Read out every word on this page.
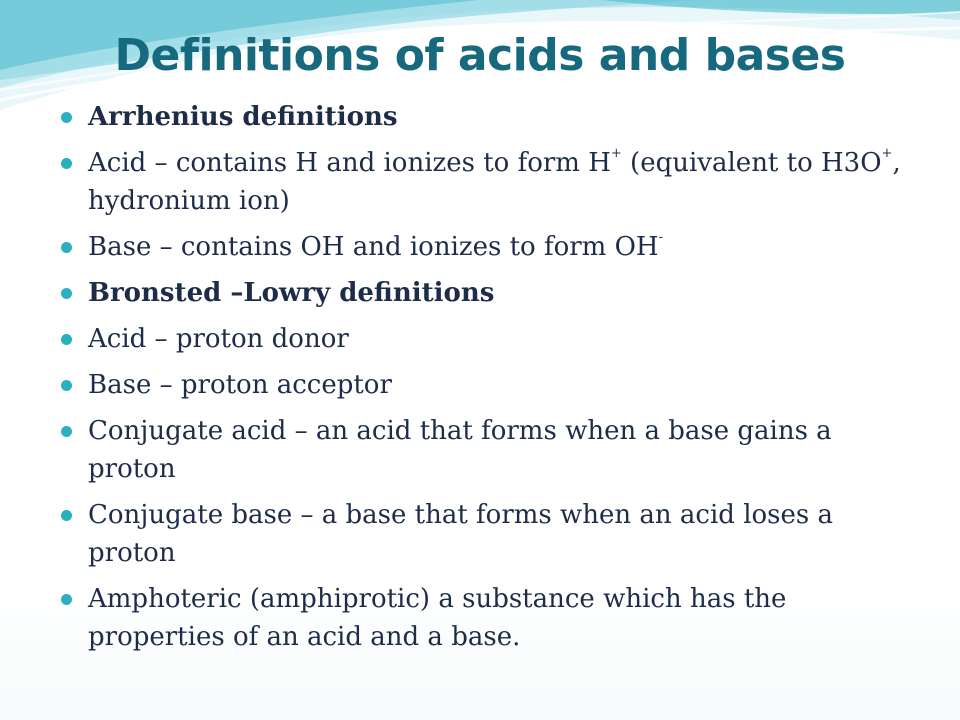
Definitions of acids and bases
Arrhenius definitions
Acid – contains H and ionizes to form H+ (equivalent to H3O+, hydronium ion)
Base – contains OH and ionizes to form OH-
Bronsted –Lowry definitions
Acid – proton donor
Base – proton acceptor
Conjugate acid – an acid that forms when a base gains a proton
Conjugate base – a base that forms when an acid loses a proton
Amphoteric (amphiprotic) a substance which has the properties of an acid and a base.
